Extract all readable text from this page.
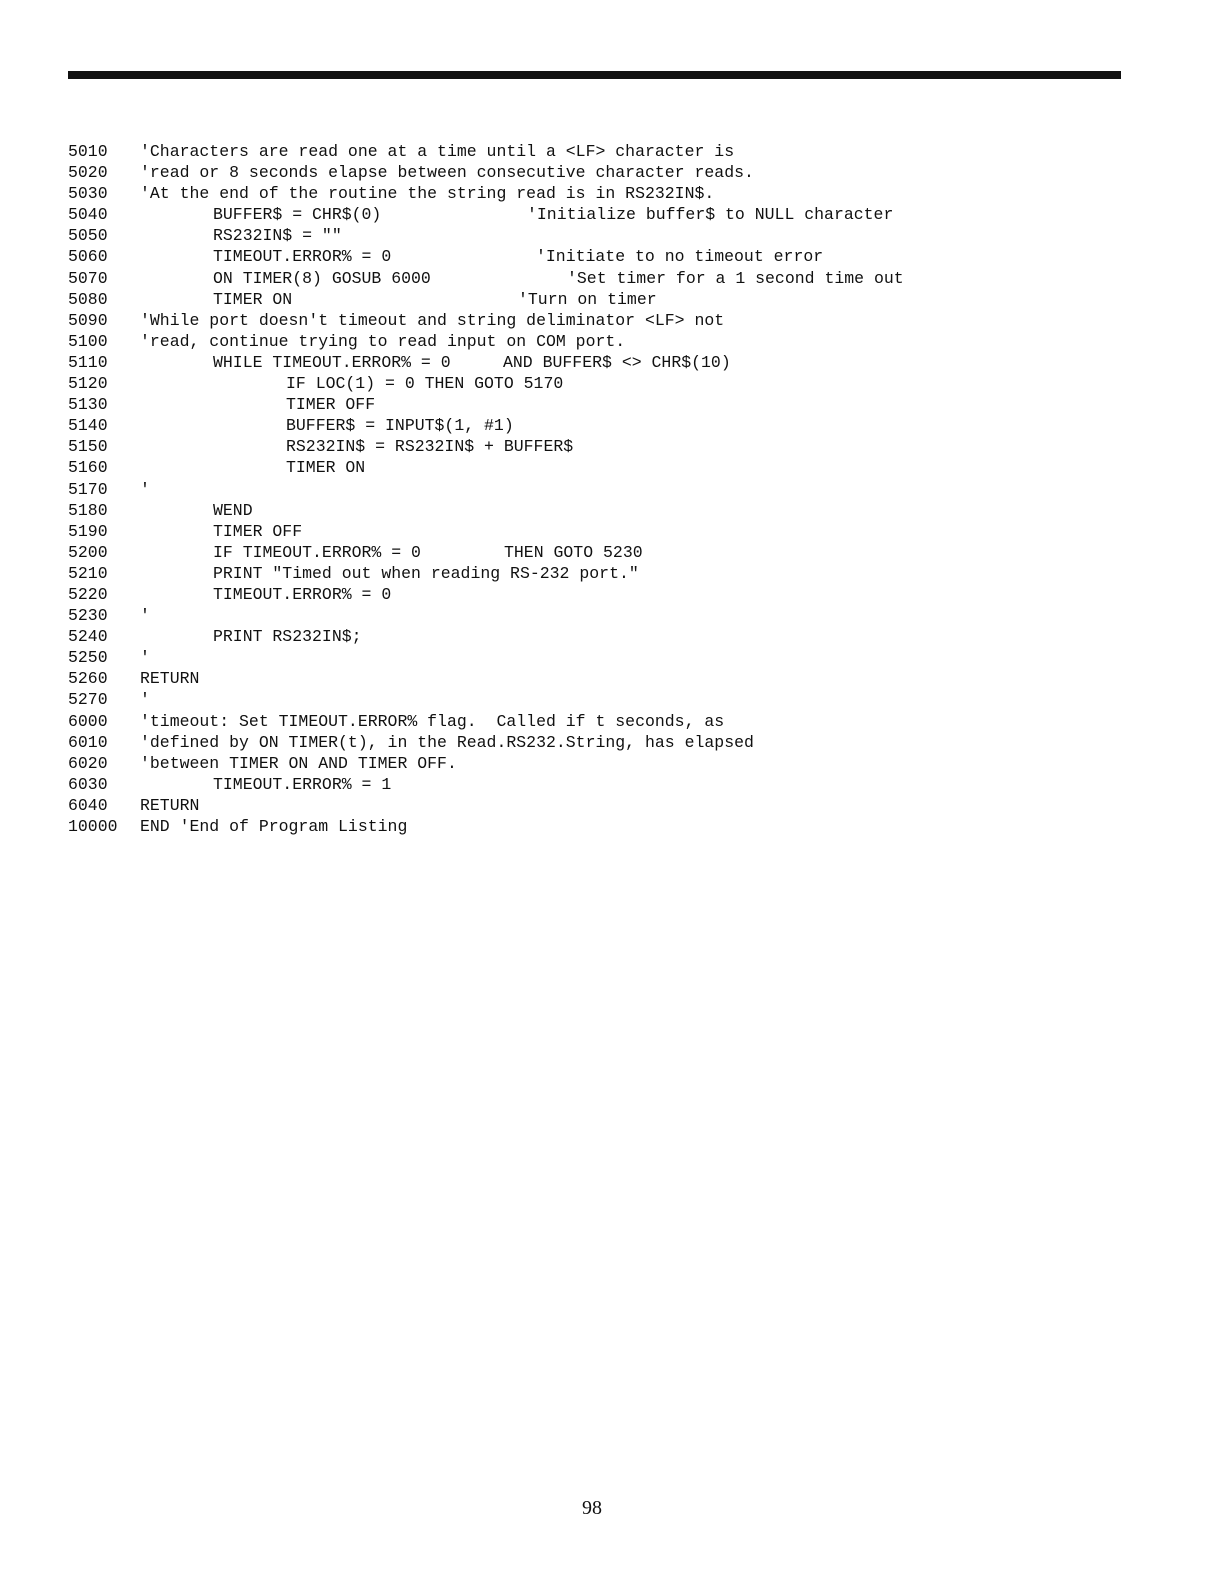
5010 'Characters are read one at a time until a <LF> character is
5020 'read or 8 seconds elapse between consecutive character reads.
5030 'At the end of the routine the string read is in RS232IN$.
5040	BUFFER$ = CHR$(0)	'Initialize buffer$ to NULL character
5050	RS232IN$ = ""
5060	TIMEOUT.ERROR% = 0	'Initiate to no timeout error
5070	ON TIMER(8) GOSUB 6000	'Set timer for a 1 second time out
5080	TIMER ON	'Turn on timer
5090 'While port doesn't timeout and string deliminator <LF> not
5100 'read, continue trying to read input on COM port.
5110	WHILE TIMEOUT.ERROR% = 0	AND BUFFER$ <> CHR$(10)
5120	IF LOC(1) = 0 THEN GOTO 5170
5130	TIMER OFF
5140	BUFFER$ = INPUT$(1, #1)
5150	RS232IN$ = RS232IN$ + BUFFER$
5160	TIMER ON
5170 '
5180	WEND
5190	TIMER OFF
5200	IF TIMEOUT.ERROR% = 0	THEN GOTO 5230
5210	PRINT "Timed out when reading RS-232 port."
5220	TIMEOUT.ERROR% = 0
5230 '
5240	PRINT RS232IN$;
5250 '
5260 RETURN
5270 '
6000 'timeout: Set TIMEOUT.ERROR% flag.  Called if t seconds, as
6010 'defined by ON TIMER(t), in the Read.RS232.String, has elapsed
6020 'between TIMER ON AND TIMER OFF.
6030	TIMEOUT.ERROR% = 1
6040 RETURN
10000 END 'End of Program Listing
98
